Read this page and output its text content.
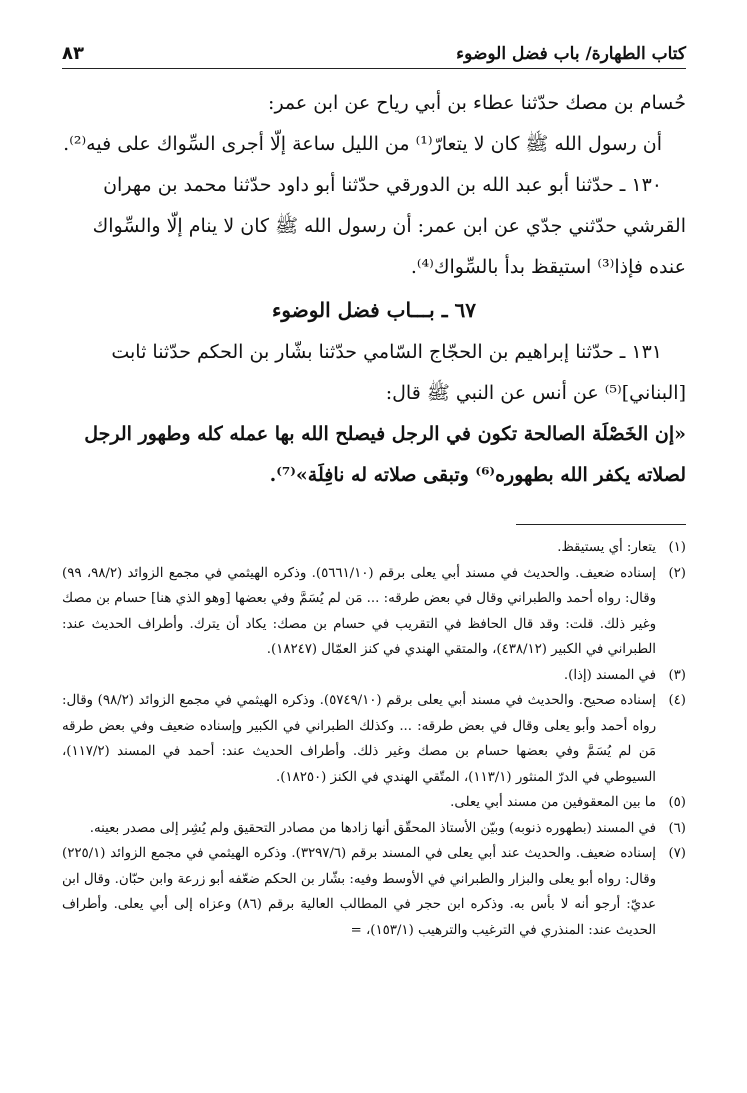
كتاب الطهارة/ باب فضل الوضوء
٨٣

حُسام بن مصك حدّثنا عطاء بن أبي رياح عن ابن عمر:

أن رسول الله ﷺ كان لا يتعارّ⁽¹⁾ من الليل ساعة إلّا أجرى السِّواك على فيه⁽²⁾.

١٣٠ ـ حدّثنا أبو عبد الله بن الدورقي حدّثنا أبو داود حدّثنا محمد بن مهران القرشي حدّثني جدّي عن ابن عمر: أن رسول الله ﷺ كان لا ينام إلّا والسِّواك عنده فإذا⁽³⁾ استيقظ بدأ بالسِّواك⁽⁴⁾.

٦٧ ـ بـــاب فضل الوضوء

١٣١ ـ حدّثنا إبراهيم بن الحجّاج السّامي حدّثنا بشّار بن الحكم حدّثنا ثابت [البناني]⁽⁵⁾ عن أنس عن النبي ﷺ قال:

«إن الخَصْلَة الصالحة تكون في الرجل فيصلح الله بها عمله كله وطهور الرجل لصلاته يكفر الله بطهوره⁽⁶⁾ وتبقى صلاته له نافِلَة»⁽⁷⁾.

(١)
يتعار: أي يستيقظ.
(٢)
إسناده ضعيف. والحديث في مسند أبي يعلى برقم (٥٦٦١/١٠). وذكره الهيثمي في مجمع الزوائد (٩٨/٢، ٩٩) وقال: رواه أحمد والطبراني وقال في بعض طرقه: ... مَن لم يُسَمَّ وفي بعضها [وهو الذي هنا] حسام بن مصك وغير ذلك. قلت: وقد قال الحافظ في التقريب في حسام بن مصك: يكاد أن يترك. وأطراف الحديث عند: الطبراني في الكبير (٤٣٨/١٢)، والمتقي الهندي في كنز العمّال (١٨٢٤٧).
(٣)
في المسند (إذا).
(٤)
إسناده صحيح. والحديث في مسند أبي يعلى برقم (٥٧٤٩/١٠). وذكره الهيثمي في مجمع الزوائد (٩٨/٢) وقال: رواه أحمد وأبو يعلى وقال في بعض طرقه: ... وكذلك الطبراني في الكبير وإسناده ضعيف وفي بعض طرقه مَن لم يُسَمَّ وفي بعضها حسام بن مصك وغير ذلك. وأطراف الحديث عند: أحمد في المسند (١١٧/٢)، السيوطي في الدرّ المنثور (١١٣/١)، المتّقي الهندي في الكنز (١٨٢٥٠).
(٥)
ما بين المعقوفين من مسند أبي يعلى.
(٦)
في المسند (بطهوره ذنوبه) وبيّن الأستاذ المحقّق أنها زادها من مصادر التحقيق ولم يُشِر إلى مصدر بعينه.
(٧)
إسناده ضعيف. والحديث عند أبي يعلى في المسند برقم (٣٢٩٧/٦). وذكره الهيثمي في مجمع الزوائد (٢٢٥/١) وقال: رواه أبو يعلى والبزار والطبراني في الأوسط وفيه: بشّار بن الحكم ضعّفه أبو زرعة وابن حبّان. وقال ابن عديّ: أرجو أنه لا بأس به. وذكره ابن حجر في المطالب العالية برقم (٨٦) وعزاه إلى أبي يعلى. وأطراف الحديث عند: المنذري في الترغيب والترهيب (١٥٣/١)، =
